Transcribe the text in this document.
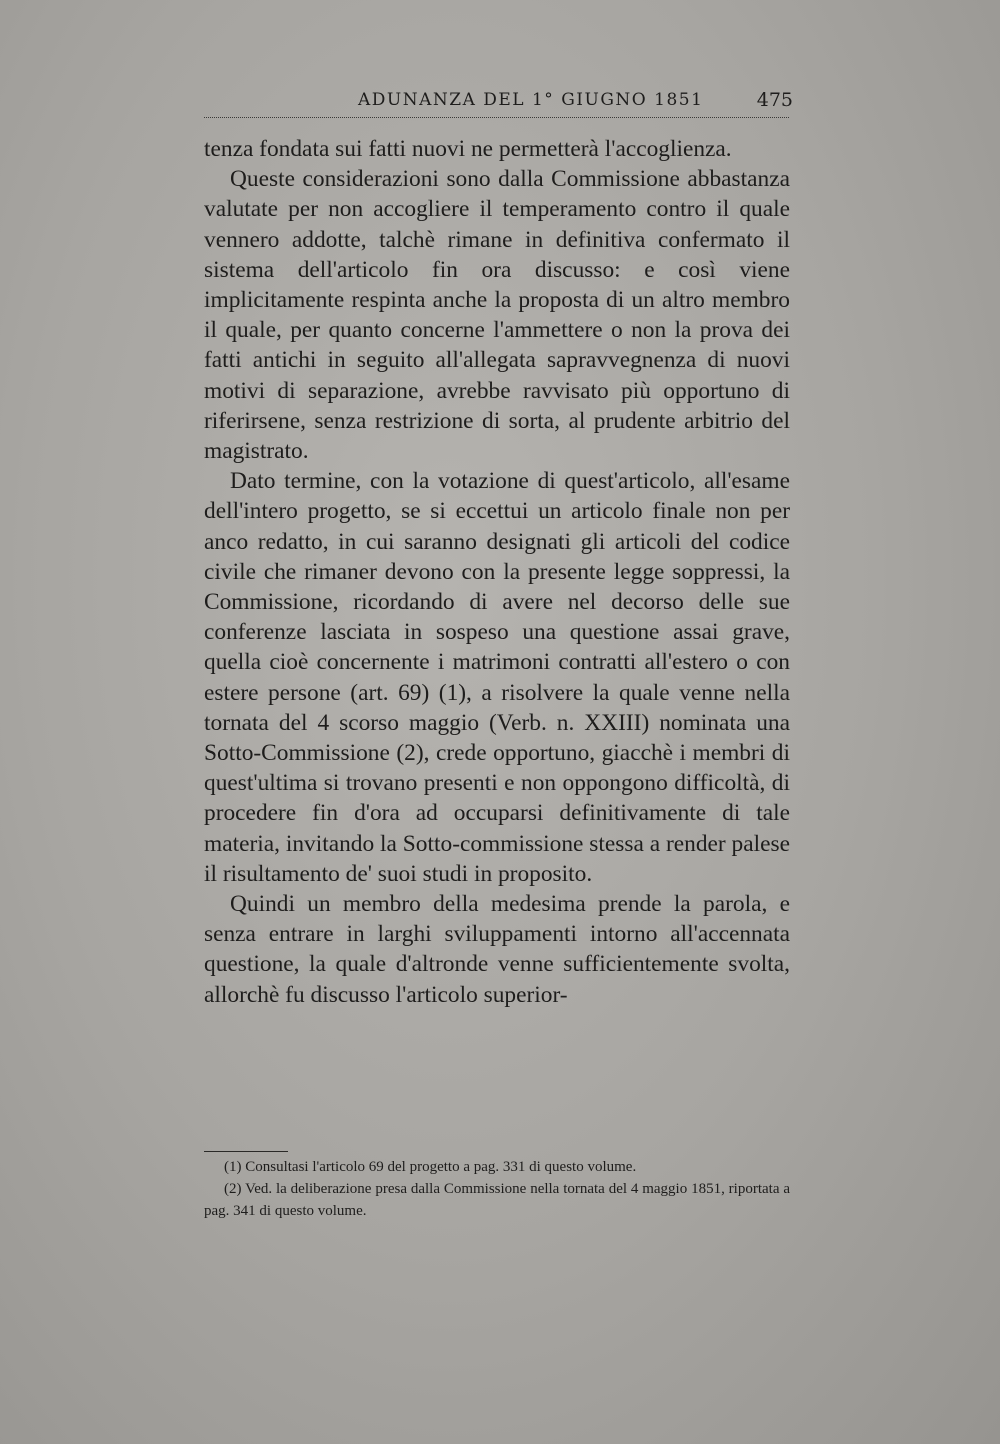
ADUNANZA DEL 1° GIUGNO 1851	475

tenza fondata sui fatti nuovi ne permetterà l'accoglienza.

Queste considerazioni sono dalla Commissione abbastanza valutate per non accogliere il temperamento contro il quale vennero addotte, talchè rimane in definitiva confermato il sistema dell'articolo fin ora discusso: e così viene implicitamente respinta anche la proposta di un altro membro il quale, per quanto concerne l'ammettere o non la prova dei fatti antichi in seguito all'allegata sapravvegnenza di nuovi motivi di separazione, avrebbe ravvisato più opportuno di riferirsene, senza restrizione di sorta, al prudente arbitrio del magistrato.

Dato termine, con la votazione di quest'articolo, all'esame dell'intero progetto, se si eccettui un articolo finale non per anco redatto, in cui saranno designati gli articoli del codice civile che rimaner devono con la presente legge soppressi, la Commissione, ricordando di avere nel decorso delle sue conferenze lasciata in sospeso una questione assai grave, quella cioè concernente i matrimoni contratti all'estero o con estere persone (art. 69) (1), a risolvere la quale venne nella tornata del 4 scorso maggio (Verb. n. XXIII) nominata una Sotto-Commissione (2), crede opportuno, giacchè i membri di quest'ultima si trovano presenti e non oppongono difficoltà, di procedere fin d'ora ad occuparsi definitivamente di tale materia, invitando la Sotto-commissione stessa a render palese il risultamento de' suoi studi in proposito.

Quindi un membro della medesima prende la parola, e senza entrare in larghi sviluppamenti intorno all'accennata questione, la quale d'altronde venne sufficientemente svolta, allorchè fu discusso l'articolo superior-

(1) Consultasi l'articolo 69 del progetto a pag. 331 di questo volume.

(2) Ved. la deliberazione presa dalla Commissione nella tornata del 4 maggio 1851, riportata a pag. 341 di questo volume.
